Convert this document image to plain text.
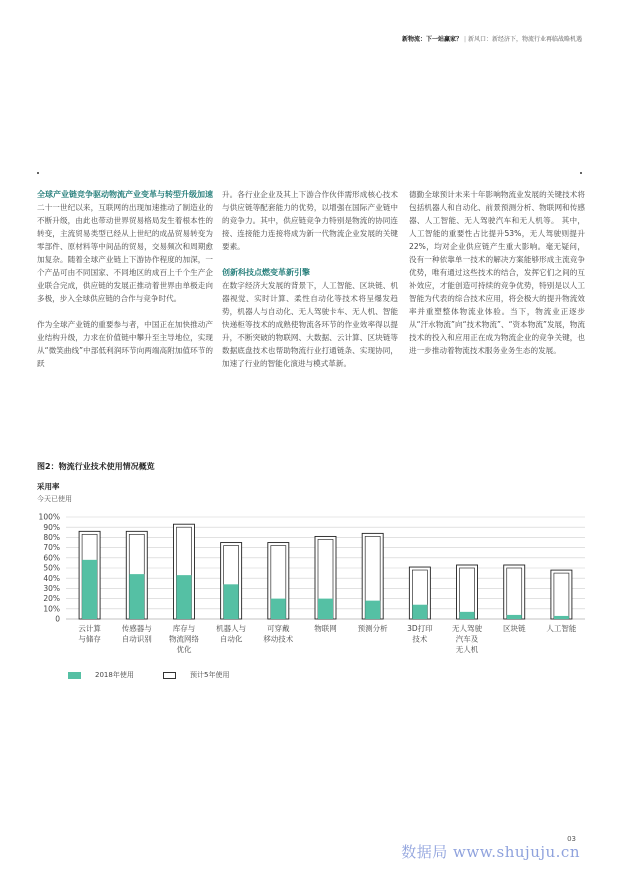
新物流：下一站赢家？ | 新风口：新经济下，物流行业再临战略机遇
全球产业链竞争驱动物流产业变革与转型升级加速

二十一世纪以来，互联网的出现加速推动了制造业的不断升级，由此也带动世界贸易格局发生着根本性的转变，主流贸易类型已经从上世纪的成品贸易转变为零部件、原材料等中间品的贸易，交易频次和周期愈加复杂。随着全球产业链上下游协作程度的加深，一个产品可由不同国家、不同地区的成百上千个生产企业联合完成，供应链的发展正推动着世界由单极走向多极，步入全球供应链的合作与竞争时代。

作为全球产业链的重要参与者，中国正在加快推动产业结构升级，力求在价值链中攀升至主导地位，实现从“微笑曲线”中部低利润环节向两端高附加值环节的跃

升。各行业企业及其上下游合作伙伴需形成核心技术与供应链等配套能力的优势，以增强在国际产业链中的竞争力。其中，供应链竞争力特别是物流的协同连接、连接能力连接将成为新一代物流企业发展的关键要素。

创新科技点燃变革新引擎

在数字经济大发展的背景下，人工智能、区块链、机器视觉、实时计算、柔性自动化等技术将呈爆发趋势，机器人与自动化、无人驾驶卡车、无人机、智能快递柜等技术的成熟使物流各环节的作业效率得以提升，不断突破的物联网、大数据、云计算、区块链等数据底盘技术也帮助物流行业打通链条、实现协同，加速了行业的智能化演进与模式革新。

德勤全球预计未来十年影响物流业发展的关键技术将包括机器人和自动化、前景预测分析、物联网和传感器、人工智能、无人驾驶汽车和无人机等。 其中，人工智能的重要性占比提升53%，无人驾驶则提升22%，均对企业供应链产生重大影响。毫无疑问，没有一种依靠单一技术的解决方案能够形成主流竞争优势，唯有通过这些技术的结合，发挥它们之间的互补效应，才能创造可持续的竞争优势，特别是以人工智能为代表的综合技术应用，将会极大的提升物流效率并重塑整体物流业体验。当下，物流业正逐步从“汗水物流”向“技术物流”、“资本物流”发展，物流技术的投入和应用正在成为物流企业的竞争关键，也进一步推动着物流技术服务业务生态的发展。

图2：物流行业技术使用情况概览
采用率
今天已使用
0
10%
20%
30%
40%
50%
60%
70%
80%
90%
100%
云计算
与储存
传感器与
自动识别
库存与
物流网络
优化
机器人与
自动化
可穿戴
移动技术
物联网	预测分析	3D打印
技术
无人驾驶
汽车及
无人机
区块链	人工智能
2018年使用	预计5年使用
03
数据局 www.shujuju.cn
